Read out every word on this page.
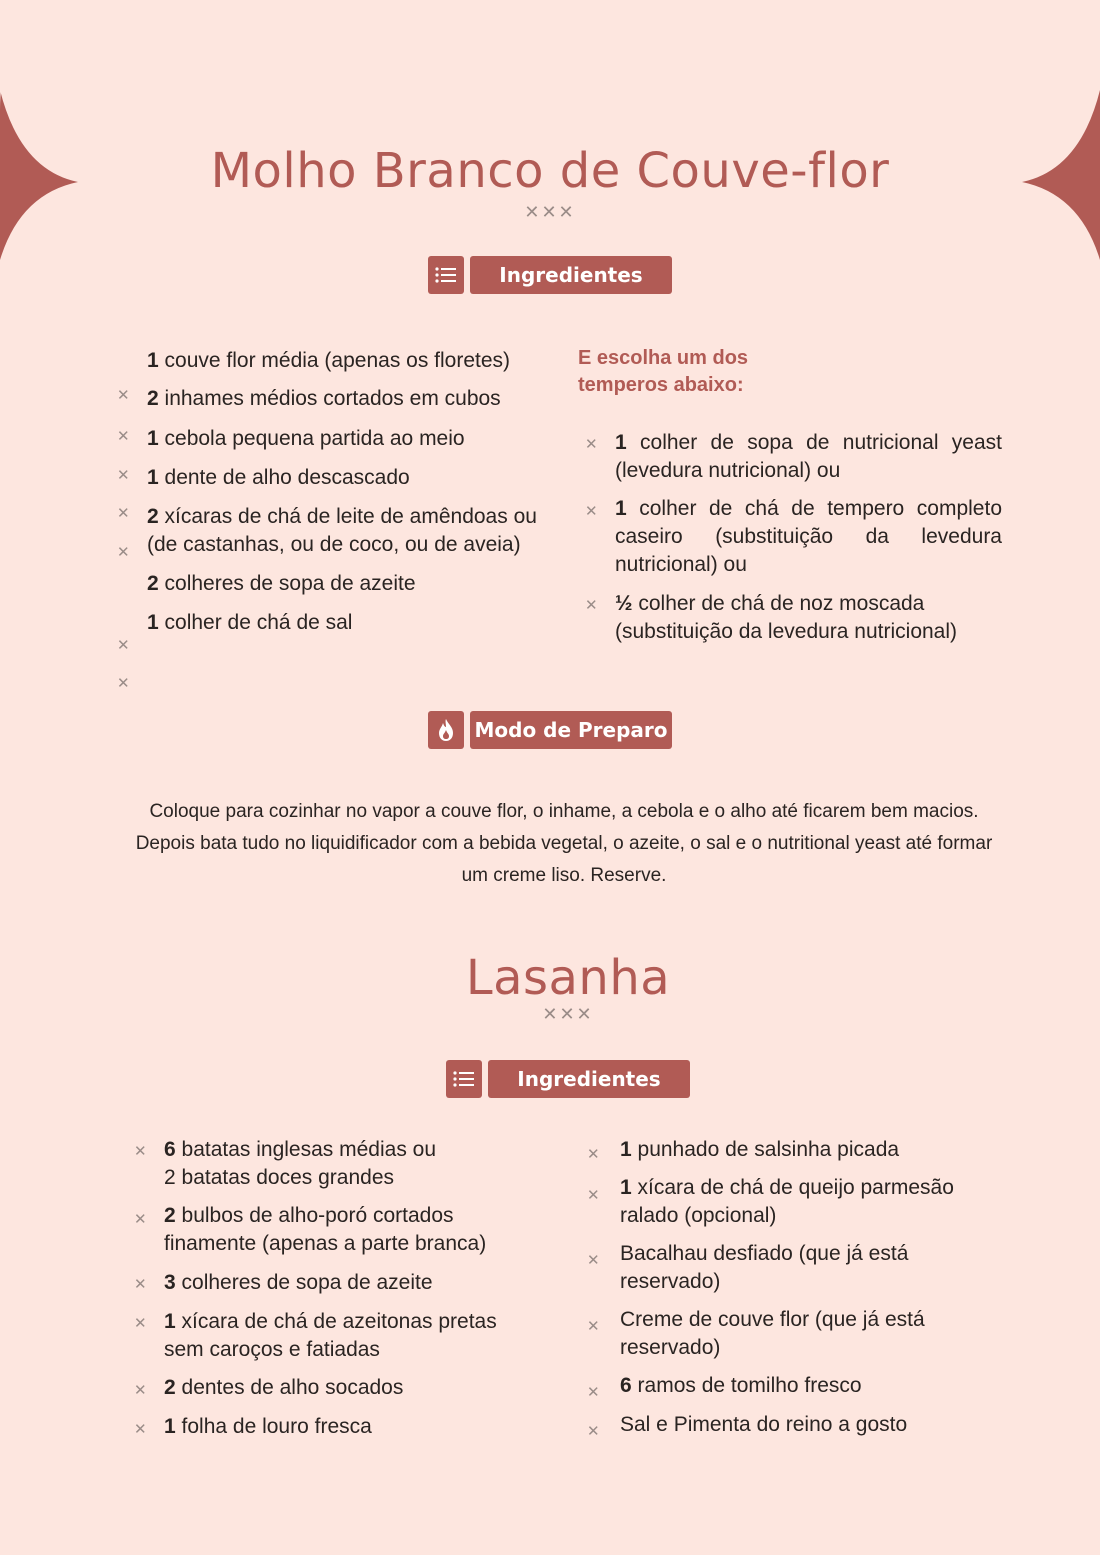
Molho Branco de Couve-flor
✕✕✕
Ingredientes
✕
✕
✕
✕
✕
✕
✕
1 couve flor média (apenas os floretes)
2 inhames médios cortados em cubos
1 cebola pequena partida ao meio
1 dente de alho descascado
2 xícaras de chá de leite de amêndoas ou (de castanhas, ou de coco, ou de aveia)
2 colheres de sopa de azeite
1 colher de chá de sal
E escolha um dos temperos abaixo:
✕
✕
✕
1 colher de sopa de nutricional yeast (levedura nutricional) ou
1 colher de chá de tempero completo caseiro (substituição da levedura nutricional) ou
½ colher de chá de noz moscada (substituição da levedura nutricional)
Modo de Preparo
Coloque para cozinhar no vapor a couve flor, o inhame, a cebola e o alho até ficarem bem macios. Depois bata tudo no liquidificador com a bebida vegetal, o azeite, o sal e o nutritional yeast até formar um creme liso. Reserve.
Lasanha
✕✕✕
Ingredientes
✕
✕
✕
✕
✕
✕
6 batatas inglesas médias ou
2 batatas doces grandes
2 bulbos de alho-poró cortados
finamente (apenas a parte branca)
3 colheres de sopa de azeite
1 xícara de chá de azeitonas pretas
sem caroços e fatiadas
2 dentes de alho socados
1 folha de louro fresca
✕
✕
✕
✕
✕
✕
1 punhado de salsinha picada
1 xícara de chá de queijo parmesão
ralado (opcional)
Bacalhau desfiado (que já está
reservado)
Creme de couve flor (que já está
reservado)
6 ramos de tomilho fresco
Sal e Pimenta do reino a gosto
